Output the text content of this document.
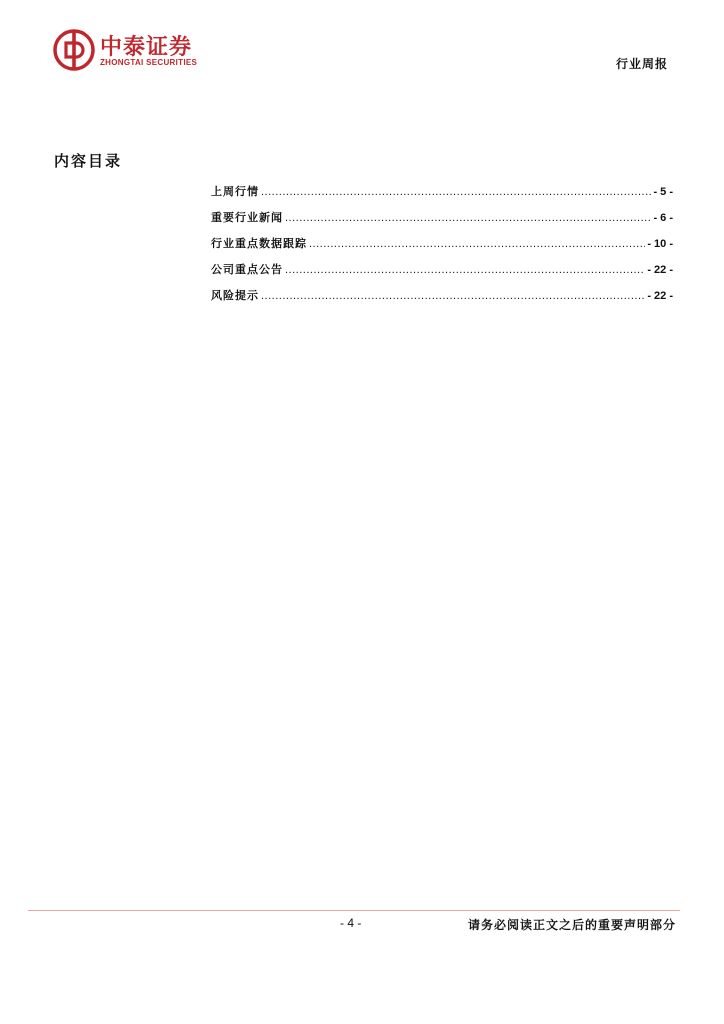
中泰证券
ZHONGTAI SECURITIES	行业周报
内容目录
上周行情 .....	- 5 -
重要行业新闻 .....	- 6 -
行业重点数据跟踪 .....	- 10 -
公司重点公告 .....	- 22 -
风险提示 .....	- 22 -
- 4 -	请务必阅读正文之后的重要声明部分
